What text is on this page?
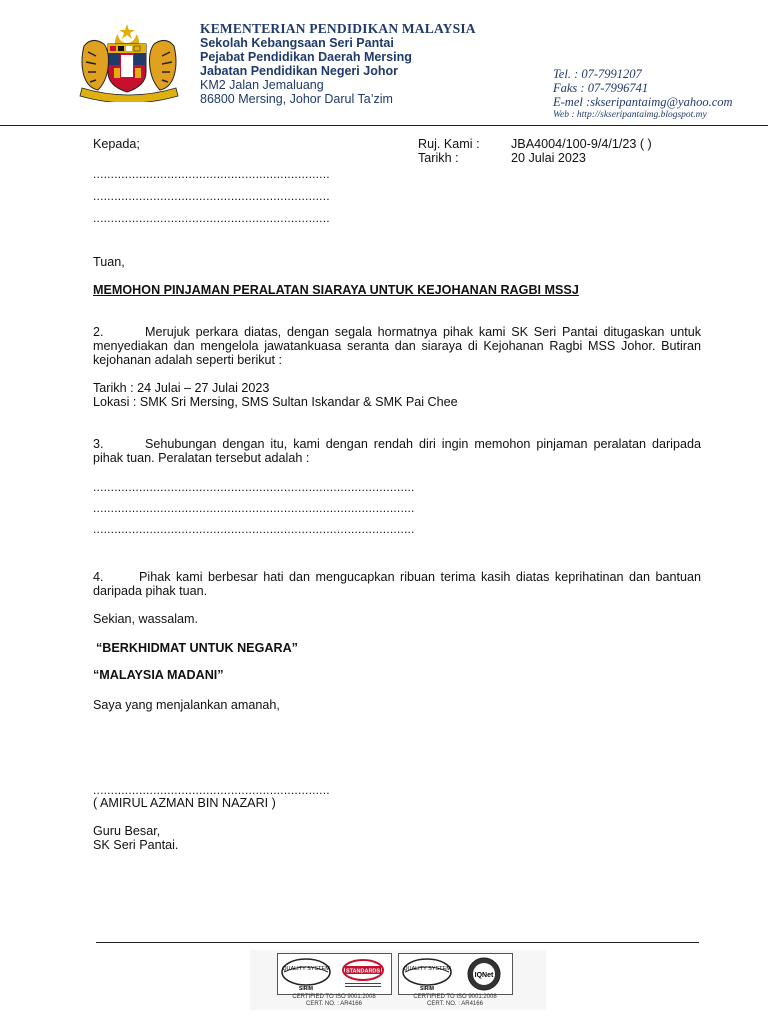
KEMENTERIAN PENDIDIKAN MALAYSIA
Sekolah Kebangsaan Seri Pantai
Pejabat Pendidikan Daerah Mersing
Jabatan Pendidikan Negeri Johor
KM2 Jalan Jemaluang
86800 Mersing, Johor Darul Ta’zim
Tel. : 07-7991207
Faks : 07-7996741
E-mel :skseripantaimg@yahoo.com
Web : http://skseripantaimg.blogspot.my
Kepada;	Ruj. Kami : JBA4004/100-9/4/1/23 ( )
Tarikh :	20 Julai 2023
...................................................................
...................................................................
...................................................................
Tuan,
MEMOHON PINJAMAN PERALATAN SIARAYA UNTUK KEJOHANAN RAGBI MSSJ
2.	Merujuk perkara diatas, dengan segala hormatnya pihak kami SK Seri Pantai ditugaskan untuk menyediakan dan mengelola jawatankuasa seranta dan siaraya di Kejohanan Ragbi MSS Johor. Butiran kejohanan adalah seperti berikut :
Tarikh : 24 Julai – 27 Julai 2023
Lokasi : SMK Sri Mersing, SMS Sultan Iskandar & SMK Pai Chee
3.	Sehubungan dengan itu, kami dengan rendah diri ingin memohon pinjaman peralatan daripada pihak tuan. Peralatan tersebut adalah :
...........................................................................................
...........................................................................................
...........................................................................................
4.	Pihak kami berbesar hati dan mengucapkan ribuan terima kasih diatas keprihatinan dan bantuan daripada pihak tuan.
Sekian, wassalam.
“BERKHIDMAT UNTUK NEGARA”
“MALAYSIA MADANI”
Saya yang menjalankan amanah,
...................................................................
( AMIRUL AZMAN BIN NAZARI )
Guru Besar,
SK Seri Pantai.
QUALITY SYSTEM
SIRIM
STANDARDS
CERTIFIED TO ISO 9001:2008
CERT. NO. : AR4166
QUALITY SYSTEM
SIRIM
IQNet
CERTIFIED TO ISO 9001:2008
CERT. NO. : AR4166
